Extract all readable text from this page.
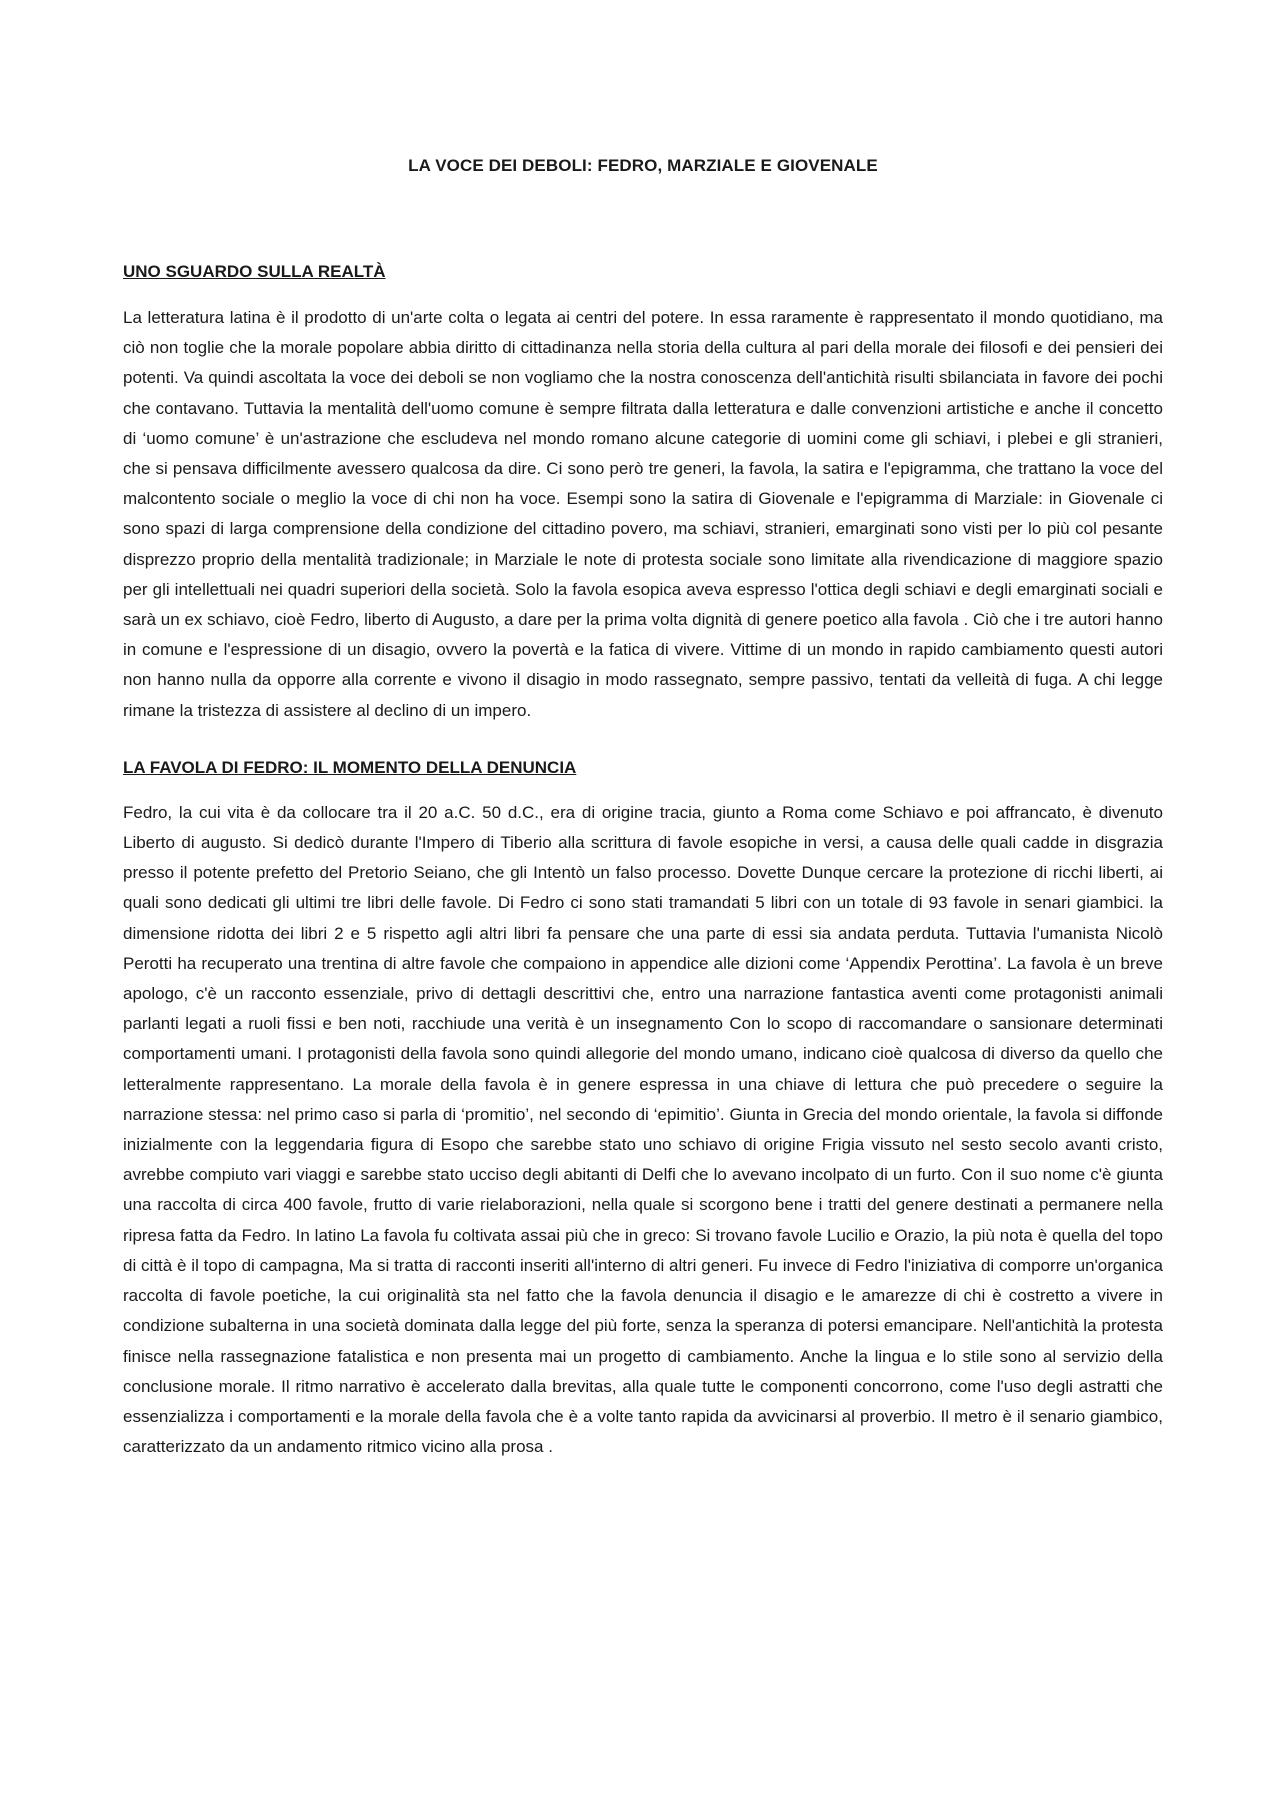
LA VOCE DEI DEBOLI: FEDRO, MARZIALE E GIOVENALE
UNO SGUARDO SULLA REALTÀ

La letteratura latina è il prodotto di un'arte colta o legata ai centri del potere. In essa raramente è rappresentato il mondo quotidiano, ma ciò non toglie che la morale popolare abbia diritto di cittadinanza nella storia della cultura al pari della morale dei filosofi e dei pensieri dei potenti. Va quindi ascoltata la voce dei deboli se non vogliamo che la nostra conoscenza dell'antichità risulti sbilanciata in favore dei pochi che contavano. Tuttavia la mentalità dell'uomo comune è sempre filtrata dalla letteratura e dalle convenzioni artistiche e anche il concetto di ‘uomo comune’ è un'astrazione che escludeva nel mondo romano alcune categorie di uomini come gli schiavi, i plebei e gli stranieri, che si pensava difficilmente avessero qualcosa da dire. Ci sono però tre generi, la favola, la satira e l'epigramma, che trattano la voce del malcontento sociale o meglio la voce di chi non ha voce. Esempi sono la satira di Giovenale e l'epigramma di Marziale: in Giovenale ci sono spazi di larga comprensione della condizione del cittadino povero, ma schiavi, stranieri, emarginati sono visti per lo più col pesante disprezzo proprio della mentalità tradizionale; in Marziale le note di protesta sociale sono limitate alla rivendicazione di maggiore spazio per gli intellettuali nei quadri superiori della società. Solo la favola esopica aveva espresso l'ottica degli schiavi e degli emarginati sociali e sarà un ex schiavo, cioè Fedro, liberto di Augusto, a dare per la prima volta dignità di genere poetico alla favola . Ciò che i tre autori hanno in comune e l'espressione di un disagio, ovvero la povertà e la fatica di vivere. Vittime di un mondo in rapido cambiamento questi autori non hanno nulla da opporre alla corrente e vivono il disagio in modo rassegnato, sempre passivo, tentati da velleità di fuga. A chi legge rimane la tristezza di assistere al declino di un impero.

LA FAVOLA DI FEDRO: IL MOMENTO DELLA DENUNCIA

Fedro, la cui vita è da collocare tra il 20 a.C. 50 d.C., era di origine tracia, giunto a Roma come Schiavo e poi affrancato, è divenuto Liberto di augusto. Si dedicò durante l'Impero di Tiberio alla scrittura di favole esopiche in versi, a causa delle quali cadde in disgrazia presso il potente prefetto del Pretorio Seiano, che gli Intentò un falso processo. Dovette Dunque cercare la protezione di ricchi liberti, ai quali sono dedicati gli ultimi tre libri delle favole. Di Fedro ci sono stati tramandati 5 libri con un totale di 93 favole in senari giambici. la dimensione ridotta dei libri 2 e 5 rispetto agli altri libri fa pensare che una parte di essi sia andata perduta. Tuttavia l'umanista Nicolò Perotti ha recuperato una trentina di altre favole che compaiono in appendice alle dizioni come ‘Appendix Perottina’. La favola è un breve apologo, c'è un racconto essenziale, privo di dettagli descrittivi che, entro una narrazione fantastica aventi come protagonisti animali parlanti legati a ruoli fissi e ben noti, racchiude una verità è un insegnamento Con lo scopo di raccomandare o sansionare determinati comportamenti umani. I protagonisti della favola sono quindi allegorie del mondo umano, indicano cioè qualcosa di diverso da quello che letteralmente rappresentano. La morale della favola è in genere espressa in una chiave di lettura che può precedere o seguire la narrazione stessa: nel primo caso si parla di ‘promitio’, nel secondo di ‘epimitio’. Giunta in Grecia del mondo orientale, la favola si diffonde inizialmente con la leggendaria figura di Esopo che sarebbe stato uno schiavo di origine Frigia vissuto nel sesto secolo avanti cristo, avrebbe compiuto vari viaggi e sarebbe stato ucciso degli abitanti di Delfi che lo avevano incolpato di un furto. Con il suo nome c'è giunta una raccolta di circa 400 favole, frutto di varie rielaborazioni, nella quale si scorgono bene i tratti del genere destinati a permanere nella ripresa fatta da Fedro. In latino La favola fu coltivata assai più che in greco: Si trovano favole Lucilio e Orazio, la più nota è quella del topo di città è il topo di campagna, Ma si tratta di racconti inseriti all'interno di altri generi. Fu invece di Fedro l'iniziativa di comporre un'organica raccolta di favole poetiche, la cui originalità sta nel fatto che la favola denuncia il disagio e le amarezze di chi è costretto a vivere in condizione subalterna in una società dominata dalla legge del più forte, senza la speranza di potersi emancipare. Nell'antichità la protesta finisce nella rassegnazione fatalistica e non presenta mai un progetto di cambiamento. Anche la lingua e lo stile sono al servizio della conclusione morale. Il ritmo narrativo è accelerato dalla brevitas, alla quale tutte le componenti concorrono, come l'uso degli astratti che essenzializza i comportamenti e la morale della favola che è a volte tanto rapida da avvicinarsi al proverbio. Il metro è il senario giambico, caratterizzato da un andamento ritmico vicino alla prosa .
